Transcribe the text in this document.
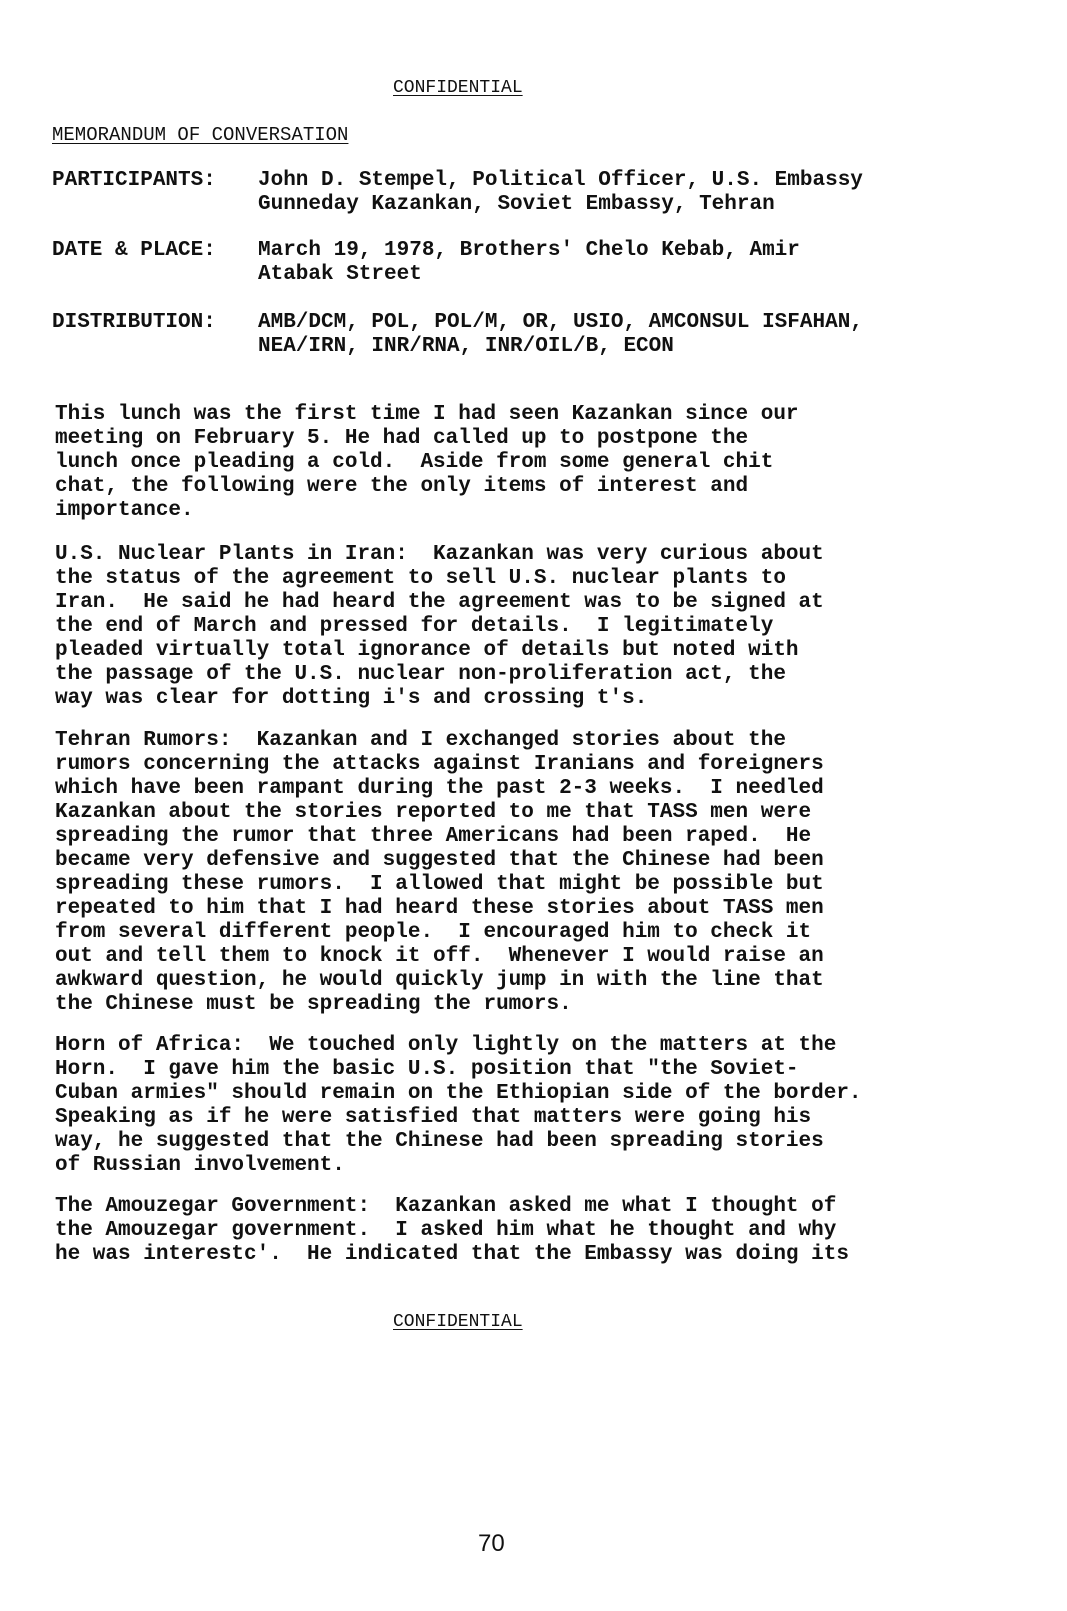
CONFIDENTIAL
MEMORANDUM OF CONVERSATION
PARTICIPANTS:	John D. Stempel, Political Officer, U.S. Embassy
Gunneday Kazankan, Soviet Embassy, Tehran
DATE & PLACE:	March 19, 1978, Brothers' Chelo Kebab, Amir
Atabak Street
DISTRIBUTION:	AMB/DCM, POL, POL/M, OR, USIO, AMCONSUL ISFAHAN,
NEA/IRN, INR/RNA, INR/OIL/B, ECON

This lunch was the first time I had seen Kazankan since our
meeting on February 5. He had called up to postpone the
lunch once pleading a cold.  Aside from some general chit
chat, the following were the only items of interest and
importance.

U.S. Nuclear Plants in Iran:  Kazankan was very curious about
the status of the agreement to sell U.S. nuclear plants to
Iran.  He said he had heard the agreement was to be signed at
the end of March and pressed for details.  I legitimately
pleaded virtually total ignorance of details but noted with
the passage of the U.S. nuclear non-proliferation act, the
way was clear for dotting i's and crossing t's.

Tehran Rumors:  Kazankan and I exchanged stories about the
rumors concerning the attacks against Iranians and foreigners
which have been rampant during the past 2-3 weeks.  I needled
Kazankan about the stories reported to me that TASS men were
spreading the rumor that three Americans had been raped.  He
became very defensive and suggested that the Chinese had been
spreading these rumors.  I allowed that might be possible but
repeated to him that I had heard these stories about TASS men
from several different people.  I encouraged him to check it
out and tell them to knock it off.  Whenever I would raise an
awkward question, he would quickly jump in with the line that
the Chinese must be spreading the rumors.

Horn of Africa:  We touched only lightly on the matters at the
Horn.  I gave him the basic U.S. position that "the Soviet-
Cuban armies" should remain on the Ethiopian side of the border.
Speaking as if he were satisfied that matters were going his
way, he suggested that the Chinese had been spreading stories
of Russian involvement.

The Amouzegar Government:  Kazankan asked me what I thought of
the Amouzegar government.  I asked him what he thought and why
he was interestc'.  He indicated that the Embassy was doing its

CONFIDENTIAL
70
